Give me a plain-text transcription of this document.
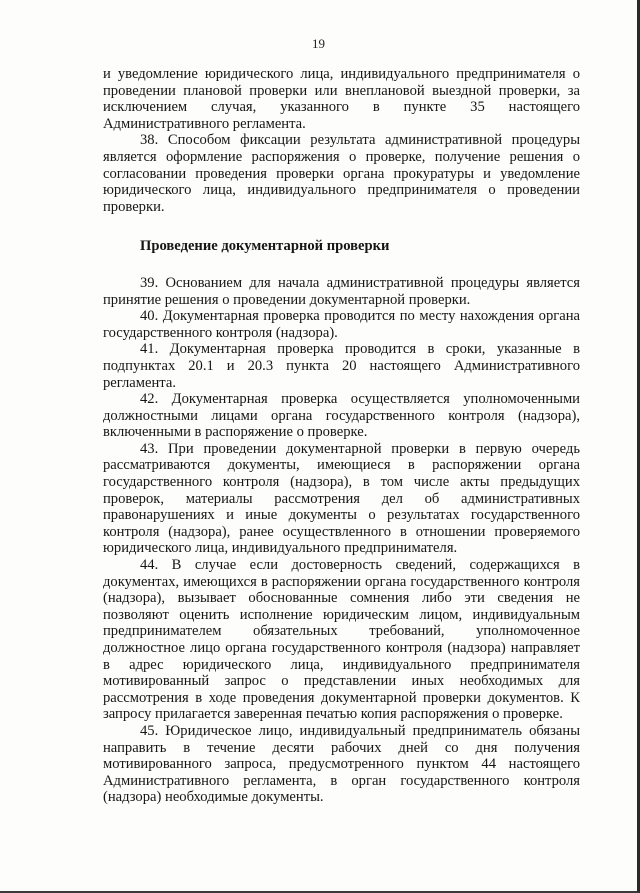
19

и уведомление юридического лица, индивидуального предпринимателя о проведении плановой проверки или внеплановой выездной проверки, за исключением случая, указанного в пункте 35 настоящего Административного регламента.

38. Способом фиксации результата административной процедуры является оформление распоряжения о проверке, получение решения о согласовании проведения проверки органа прокуратуры и уведомление юридического лица, индивидуального предпринимателя о проведении проверки.

Проведение документарной проверки

39. Основанием для начала административной процедуры является принятие решения о проведении документарной проверки.

40. Документарная проверка проводится по месту нахождения органа государственного контроля (надзора).

41. Документарная проверка проводится в сроки, указанные в подпунктах 20.1 и 20.3 пункта 20 настоящего Административного регламента.

42. Документарная проверка осуществляется уполномоченными должностными лицами органа государственного контроля (надзора), включенными в распоряжение о проверке.

43. При проведении документарной проверки в первую очередь рассматриваются документы, имеющиеся в распоряжении органа государственного контроля (надзора), в том числе акты предыдущих проверок, материалы рассмотрения дел об административных правонарушениях и иные документы о результатах государственного контроля (надзора), ранее осуществленного в отношении проверяемого юридического лица, индивидуального предпринимателя.

44. В случае если достоверность сведений, содержащихся в документах, имеющихся в распоряжении органа государственного контроля (надзора), вызывает обоснованные сомнения либо эти сведения не позволяют оценить исполнение юридическим лицом, индивидуальным предпринимателем обязательных требований, уполномоченное должностное лицо органа государственного контроля (надзора) направляет в адрес юридического лица, индивидуального предпринимателя мотивированный запрос о представлении иных необходимых для рассмотрения в ходе проведения документарной проверки документов. К запросу прилагается заверенная печатью копия распоряжения о проверке.

45. Юридическое лицо, индивидуальный предприниматель обязаны направить в течение десяти рабочих дней со дня получения мотивированного запроса, предусмотренного пунктом 44 настоящего Административного регламента, в орган государственного контроля (надзора) необходимые документы.
